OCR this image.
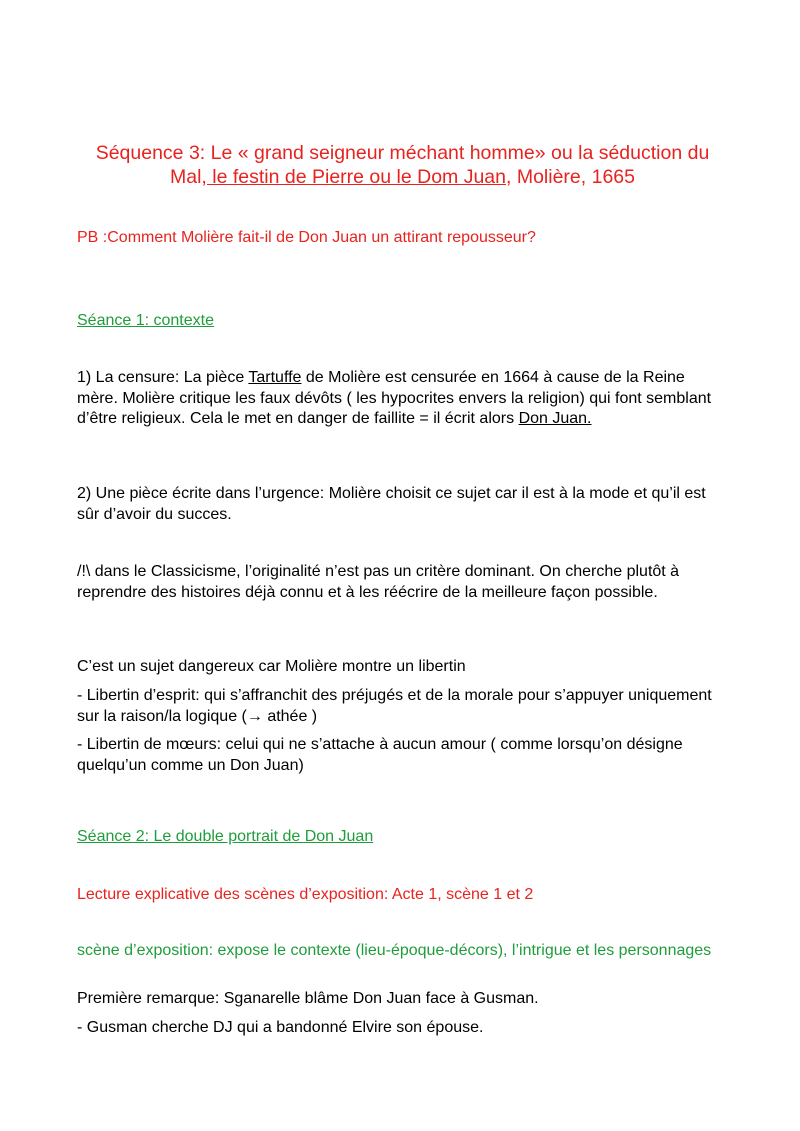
Séquence 3: Le « grand seigneur méchant homme» ou la séduction du
Mal, le festin de Pierre ou le Dom Juan, Molière, 1665
PB :Comment Molière fait-il de Don Juan un attirant repousseur?
Séance 1: contexte
1) La censure: La pièce Tartuffe de Molière est censurée en 1664 à cause de la Reine mère. Molière critique les faux dévôts ( les hypocrites envers la religion) qui font semblant d’être religieux. Cela le met en danger de faillite = il écrit alors Don Juan.
2) Une pièce écrite dans l’urgence: Molière choisit ce sujet car il est à la mode et qu’il est sûr d’avoir du succes.
/!\ dans le Classicisme, l’originalité n’est pas un critère dominant. On cherche plutôt à reprendre des histoires déjà connu et à les réécrire de la meilleure façon possible.
C’est un sujet dangereux car Molière montre un libertin
- Libertin d’esprit: qui s’affranchit des préjugés et de la morale pour s’appuyer uniquement sur la raison/la logique (→ athée )
- Libertin de mœurs: celui qui ne s’attache à aucun amour ( comme lorsqu’on désigne quelqu’un comme un Don Juan)
Séance 2: Le double portrait de Don Juan
Lecture explicative des scènes d’exposition: Acte 1, scène 1 et 2
scène d’exposition: expose le contexte (lieu-époque-décors), l’intrigue et les personnages
Première remarque: Sganarelle blâme Don Juan face à Gusman.
- Gusman cherche DJ qui a bandonné Elvire son épouse.
